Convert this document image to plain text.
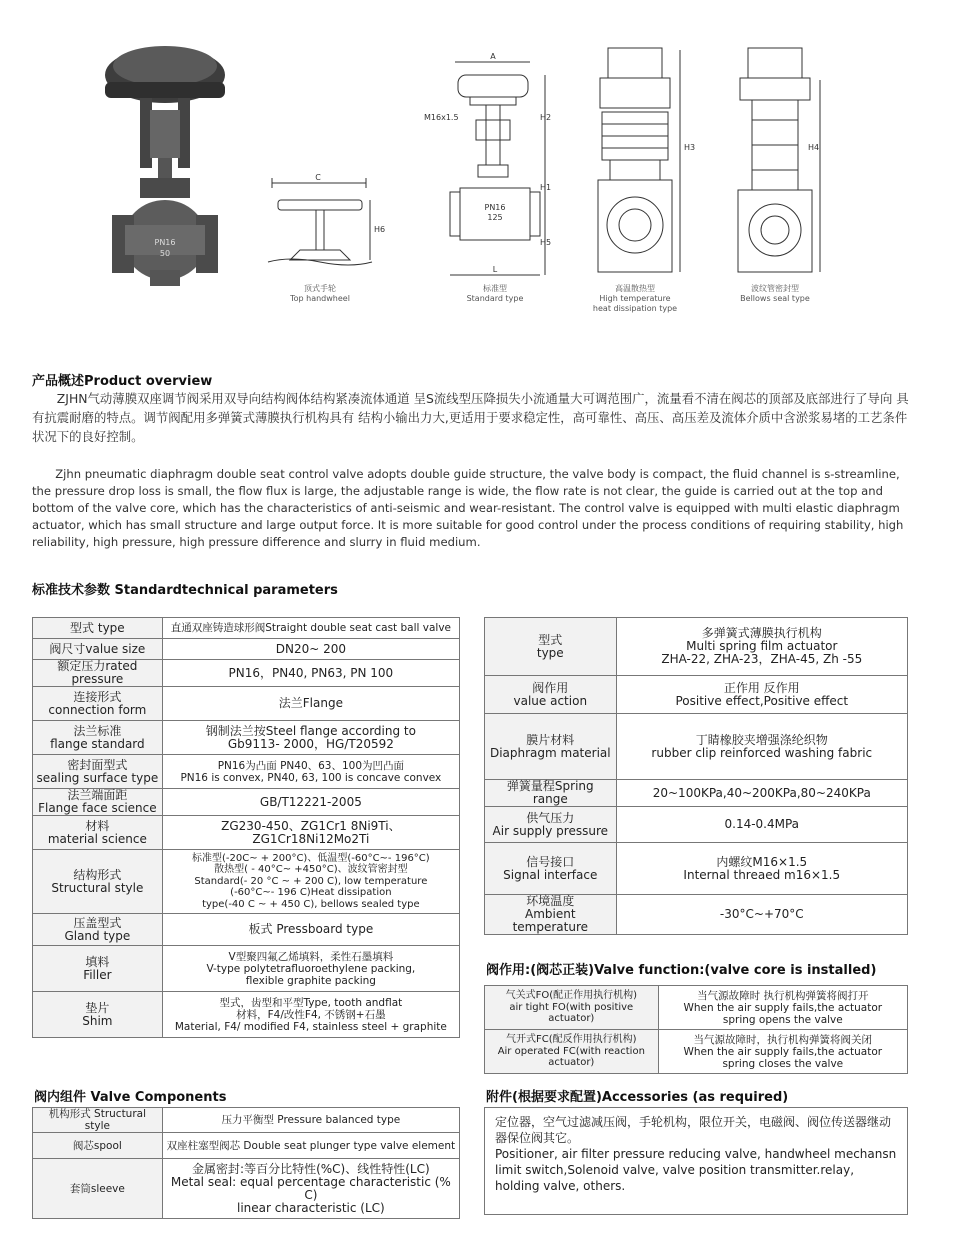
PN16
50
C
H6
A
M16x1.5
PN16
125
H2
H1
H5
L
H3	H4
顶式手轮
Top handwheel
标准型
Standard type
高温散热型
High temperature
heat dissipation type
波纹管密封型
Bellows seal type
产品概述Product overview
ZJHN气动薄膜双座调节阀采用双导向结构阀体结构紧凑流体通道 呈S流线型压降损失小流通量大可调范围广，流量看不清在阀芯的顶部及底部进行了导向 具有抗震耐磨的特点。调节阀配用多弹簧式薄膜执行机构具有 结构小输出力大,更适用于要求稳定性，高可靠性、高压、高压差及流体介质中含淤浆易堵的工艺条件状况下的良好控制。
Zjhn pneumatic diaphragm double seat control valve adopts double guide structure, the valve body is compact, the fluid channel is s-streamline, the pressure drop loss is small, the flow flux is large, the adjustable range is wide, the flow rate is not clear, the guide is carried out at the top and bottom of the valve core, which has the characteristics of anti-seismic and wear-resistant. The control valve is equipped with multi elastic diaphragm actuator, which has small structure and large output force. It is more suitable for good control under the process conditions of requiring stability, high reliability, high pressure, high pressure difference and slurry in fluid medium.
标准技术参数 Standardtechnical parameters
型式 type	直通双座铸造球形阀Straight double seat cast ball valve

阀尺寸value size	DN20~ 200

额定压力rated pressure	PN16，PN40, PN63, PN 100

连接形式
connection form	法兰Flange

法兰标准
flange standard	钢制法兰按Steel flange according to
Gb9113- 2000，HG/T20592

密封面型式
sealing surface type	PN16为凸面 PN40、63、100为凹凸面
PN16 is convex, PN40, 63, 100 is concave convex

法兰端面距
Flange face science	GB/T12221-2005

材料
material science	ZG230-450、ZG1Cr1 8Ni9Ti、
ZG1Cr18Ni12Mo2Ti

结构形式
Structural style	标准型(-20C~ + 200°C)、低温型(-60°C~- 196°C)
散热型( - 40°C~ +450°C)、波纹管密封型
Standard(- 20 °C ~ + 200 C), low temperature
(-60°C~- 196 C)Heat dissipation
type(-40 C ~ + 450 C), bellows sealed type

压盖型式
Gland type	板式 Pressboard type

填料
Filler	V型聚四氟乙烯填料，柔性石墨填料
V-type polytetrafluoroethylene packing,
flexible graphite packing

垫片
Shim	型式，齿型和平型Type, tooth andflat
材料，F4/改性F4, 不锈钢+石墨
Material, F4/ modified F4, stainless steel + graphite
阀内组件 Valve Components
机构形式 Structural style	压力平衡型 Pressure balanced type

阀芯spool	双座柱塞型阀芯 Double seat plunger type valve element

套筒sleeve	金属密封:等百分比特性(%C)、线性特性(LC)
Metal seal: equal percentage characteristic (% C)
linear characteristic (LC)
型式
type	多弹簧式薄膜执行机构
Multi spring film actuator
ZHA-22, ZHA-23，ZHA-45, Zh -55

阀作用
value action	正作用 反作用
Positive effect,Positive effect

膜片材料
Diaphragm material	丁睛橡胶夹增强涤纶织物
rubber clip reinforced washing fabric

弹簧量程Spring range	20~100KPa,40~200KPa,80~240KPa

供气压力
Air supply pressure	0.14-0.4MPa

信号接口
Signal interface	内螺纹M16×1.5
Internal threaed m16×1.5

环境温度
Ambient temperature	-30°C~+70°C
阀作用:(阀芯正装)Valve function:(valve core is installed)
气关式FO(配正作用执行机构)
air tight FO(with positive actuator)	当气源故障时 执行机构弹簧将阀打开
When the air supply fails,the actuator
spring opens the valve

气开式FC(配反作用执行机构)
Air operated FC(with reaction actuator)	当气源故障时，执行机构弹簧将阀关闭
When the air supply fails,the actuator
spring closes the valve
附件(根据要求配置)Accessories (as required)
定位器，空气过滤减压阀，手轮机构，限位开关，电磁阀、阀位传送器继动器保位阀其它。
Positioner, air filter pressure reducing valve, handwheel mechansn limit switch,Solenoid valve, valve position transmitter.relay, holding valve, others.
